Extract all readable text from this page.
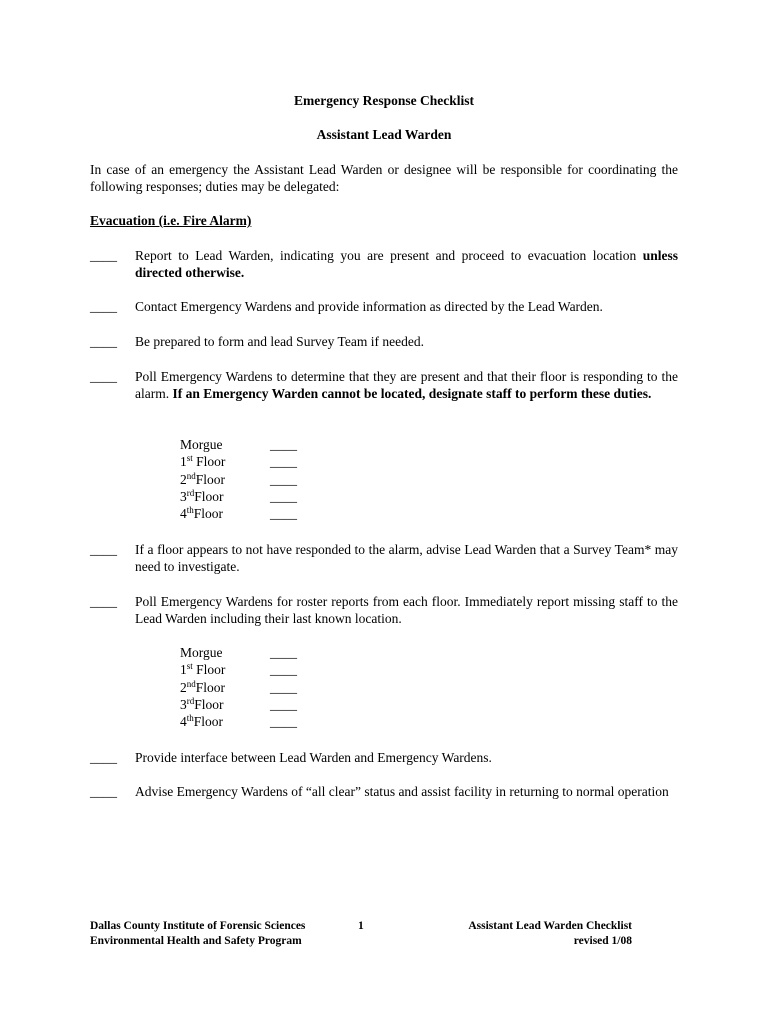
Emergency Response Checklist
Assistant Lead Warden
In case of an emergency the Assistant Lead Warden or designee will be responsible for coordinating the following responses; duties may be delegated:
Evacuation (i.e. Fire Alarm)
____	Report to Lead Warden, indicating you are present and proceed to evacuation location unless directed otherwise.
____	Contact Emergency Wardens and provide information as directed by the Lead Warden.
____	Be prepared to form and lead Survey Team if needed.
____	Poll Emergency Wardens to determine that they are present and that their floor is responding to the alarm. If an Emergency Warden cannot be located, designate staff to perform these duties.
Morgue	____
1st Floor	____
2ndFloor	____
3rdFloor	____
4thFloor	____
____	If a floor appears to not have responded to the alarm, advise Lead Warden that a Survey Team* may need to investigate.
____	Poll Emergency Wardens for roster reports from each floor. Immediately report missing staff to the Lead Warden including their last known location.
Morgue	____
1st Floor	____
2ndFloor	____
3rdFloor	____
4thFloor	____
____	Provide interface between Lead Warden and Emergency Wardens.
____	Advise Emergency Wardens of “all clear” status and assist facility in returning to normal operation
Dallas County Institute of Forensic Sciences
Environmental Health and Safety Program
1	Assistant Lead Warden Checklist
revised 1/08
